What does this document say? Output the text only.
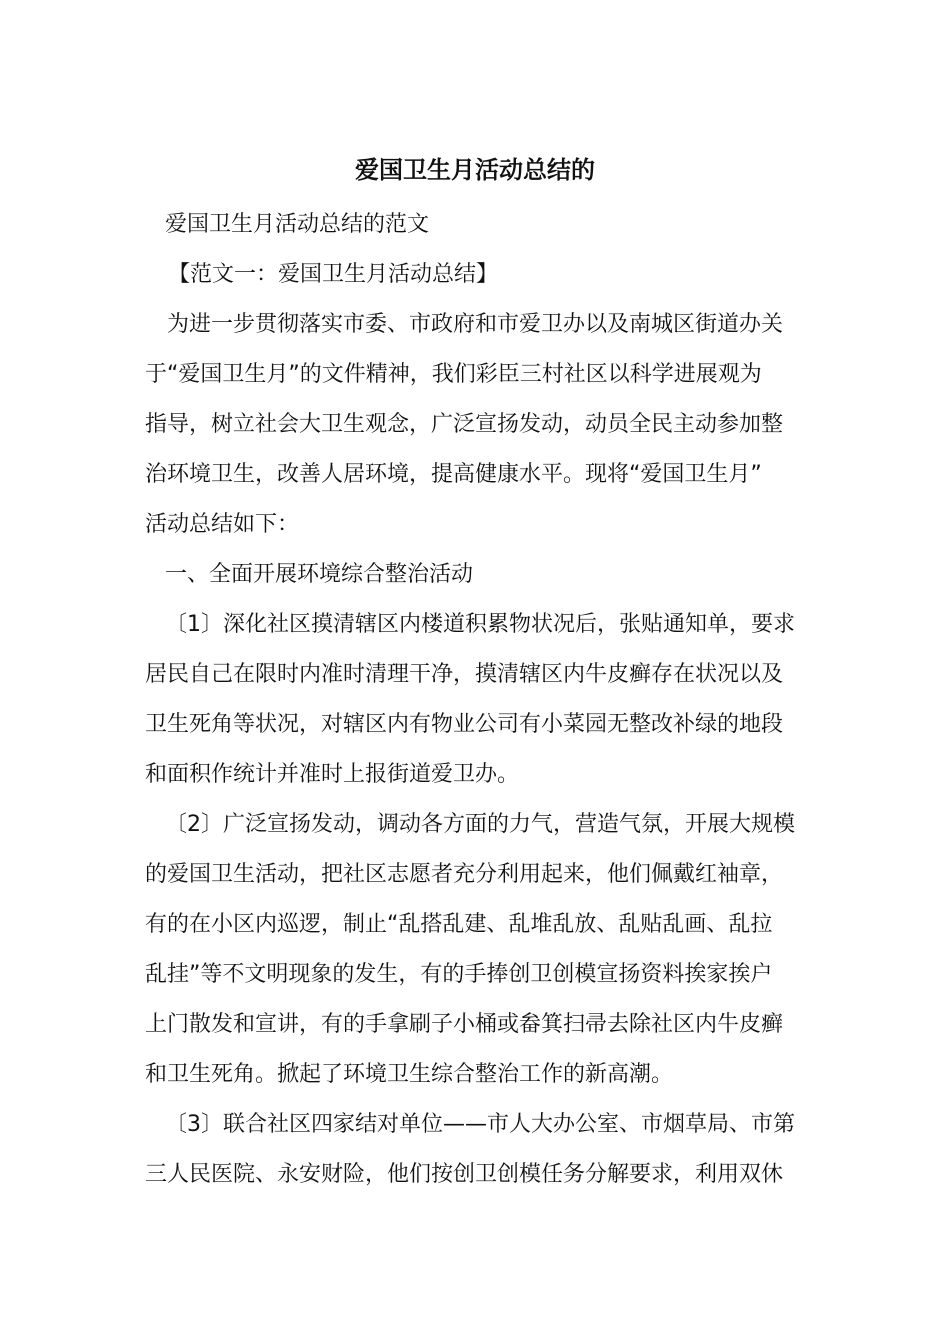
爱国卫生月活动总结的
爱国卫生月活动总结的范文
【范文一：爱国卫生月活动总结】
为进一步贯彻落实市委、市政府和市爱卫办以及南城区街道办关
于“爱国卫生月”的文件精神，我们彩臣三村社区以科学进展观为
指导，树立社会大卫生观念，广泛宣扬发动，动员全民主动参加整
治环境卫生，改善人居环境，提高健康水平。现将“爱国卫生月”
活动总结如下：
一、全面开展环境综合整治活动
〔1〕深化社区摸清辖区内楼道积累物状况后，张贴通知单，要求
居民自己在限时内准时清理干净，摸清辖区内牛皮癣存在状况以及
卫生死角等状况，对辖区内有物业公司有小菜园无整改补绿的地段
和面积作统计并准时上报街道爱卫办。
〔2〕广泛宣扬发动，调动各方面的力气，营造气氛，开展大规模
的爱国卫生活动，把社区志愿者充分利用起来，他们佩戴红袖章，
有的在小区内巡逻，制止“乱搭乱建、乱堆乱放、乱贴乱画、乱拉
乱挂”等不文明现象的发生，有的手捧创卫创模宣扬资料挨家挨户
上门散发和宣讲，有的手拿刷子小桶或畚箕扫帚去除社区内牛皮癣
和卫生死角。掀起了环境卫生综合整治工作的新高潮。
〔3〕联合社区四家结对单位——市人大办公室、市烟草局、市第
三人民医院、永安财险，他们按创卫创模任务分解要求，利用双休
